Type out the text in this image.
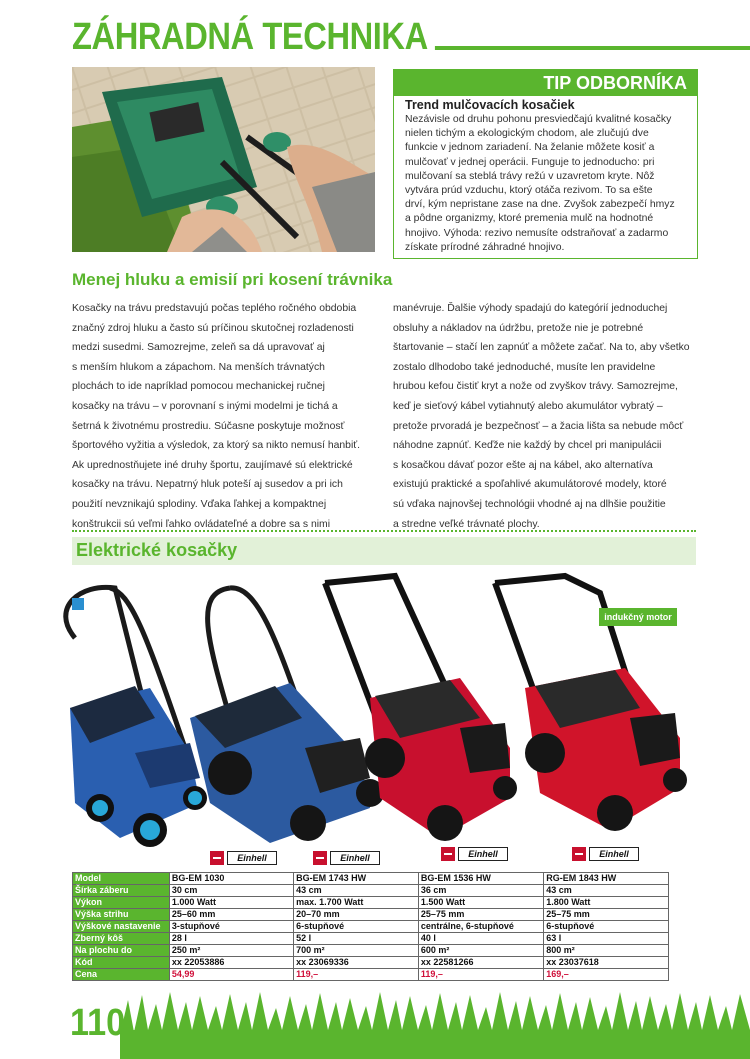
ZÁHRADNÁ TECHNIKA
TIP ODBORNÍKA
Trend mulčovacích kosačiek
Nezávisle od druhu pohonu presviedčajú kvalitné kosačky
nielen tichým a ekologickým chodom, ale zlučujú dve
funkcie v jednom zariadení. Na želanie môžete kosiť a
mulčovať v jednej operácii. Funguje to jednoducho: pri
mulčovaní sa steblá trávy režú v uzavretom kryte. Nôž
vytvára prúd vzduchu, ktorý otáča rezivom. To sa ešte
drví, kým nepristane zase na dne. Zvyšok zabezpečí hmyz
a pôdne organizmy, ktoré premenia mulč na hodnotné
hnojivo. Výhoda: rezivo nemusíte odstraňovať a zadarmo
získate prírodné záhradné hnojivo.
Menej hluku a emisií pri kosení trávnika
Kosačky na trávu predstavujú počas teplého ročného obdobia
značný zdroj hluku a často sú príčinou skutočnej rozladenosti
medzi susedmi. Samozrejme, zeleň sa dá upravovať aj
s menším hlukom a zápachom. Na menších trávnatých
plochách to ide napríklad pomocou mechanickej ručnej
kosačky na trávu – v porovnaní s inými modelmi je tichá a
šetrná k životnému prostrediu. Súčasne poskytuje možnosť
športového vyžitia a výsledok, za ktorý sa nikto nemusí hanbiť.
Ak uprednostňujete iné druhy športu, zaujímavé sú elektrické
kosačky na trávu. Nepatrný hluk poteší aj susedov a pri ich
použití nevznikajú splodiny. Vďaka ľahkej a kompaktnej
konštrukcii sú veľmi ľahko ovládateľné a dobre sa s nimi
manévruje. Ďalšie výhody spadajú do kategórií jednoduchej
obsluhy a nákladov na údržbu, pretože nie je potrebné
štartovanie – stačí len zapnúť a môžete začať. Na to, aby všetko
zostalo dlhodobo také jednoduché, musíte len pravidelne
hrubou kefou čistiť kryt a nože od zvyškov trávy. Samozrejme,
keď je sieťový kábel vytiahnutý alebo akumulátor vybratý –
pretože prvoradá je bezpečnosť – a žacia lišta sa nebude môcť
náhodne zapnúť. Keďže nie každý by chcel pri manipulácii
s kosačkou dávať pozor ešte aj na kábel, ako alternatíva
existujú praktické a spoľahlivé akumulátorové modely, ktoré
sú vďaka najnovšej technológii vhodné aj na dlhšie použitie
a stredne veľké trávnaté plochy.
Elektrické kosačky
indukčný motor
Einhell	Einhell	Einhell	Einhell
Model	BG-EM 1030	BG-EM 1743 HW	BG-EM 1536 HW	RG-EM 1843 HW
Šírka záberu	30 cm	43 cm	36 cm	43 cm
Výkon	1.000 Watt	max. 1.700 Watt	1.500 Watt	1.800 Watt
Výška strihu	25–60 mm	20–70 mm	25–75 mm	25–75 mm
Výškové nastavenie	3-stupňové	6-stupňové	centrálne, 6-stupňové	6-stupňové
Zberný kôš	28 l	52 l	40 l	63 l
Na plochu do	250 m²	700 m²	600 m²	800 m²
Kód	xx 22053886	xx 23069336	xx 22581266	xx 23037618
Cena	54,99	119,–	119,–	169,–
110
